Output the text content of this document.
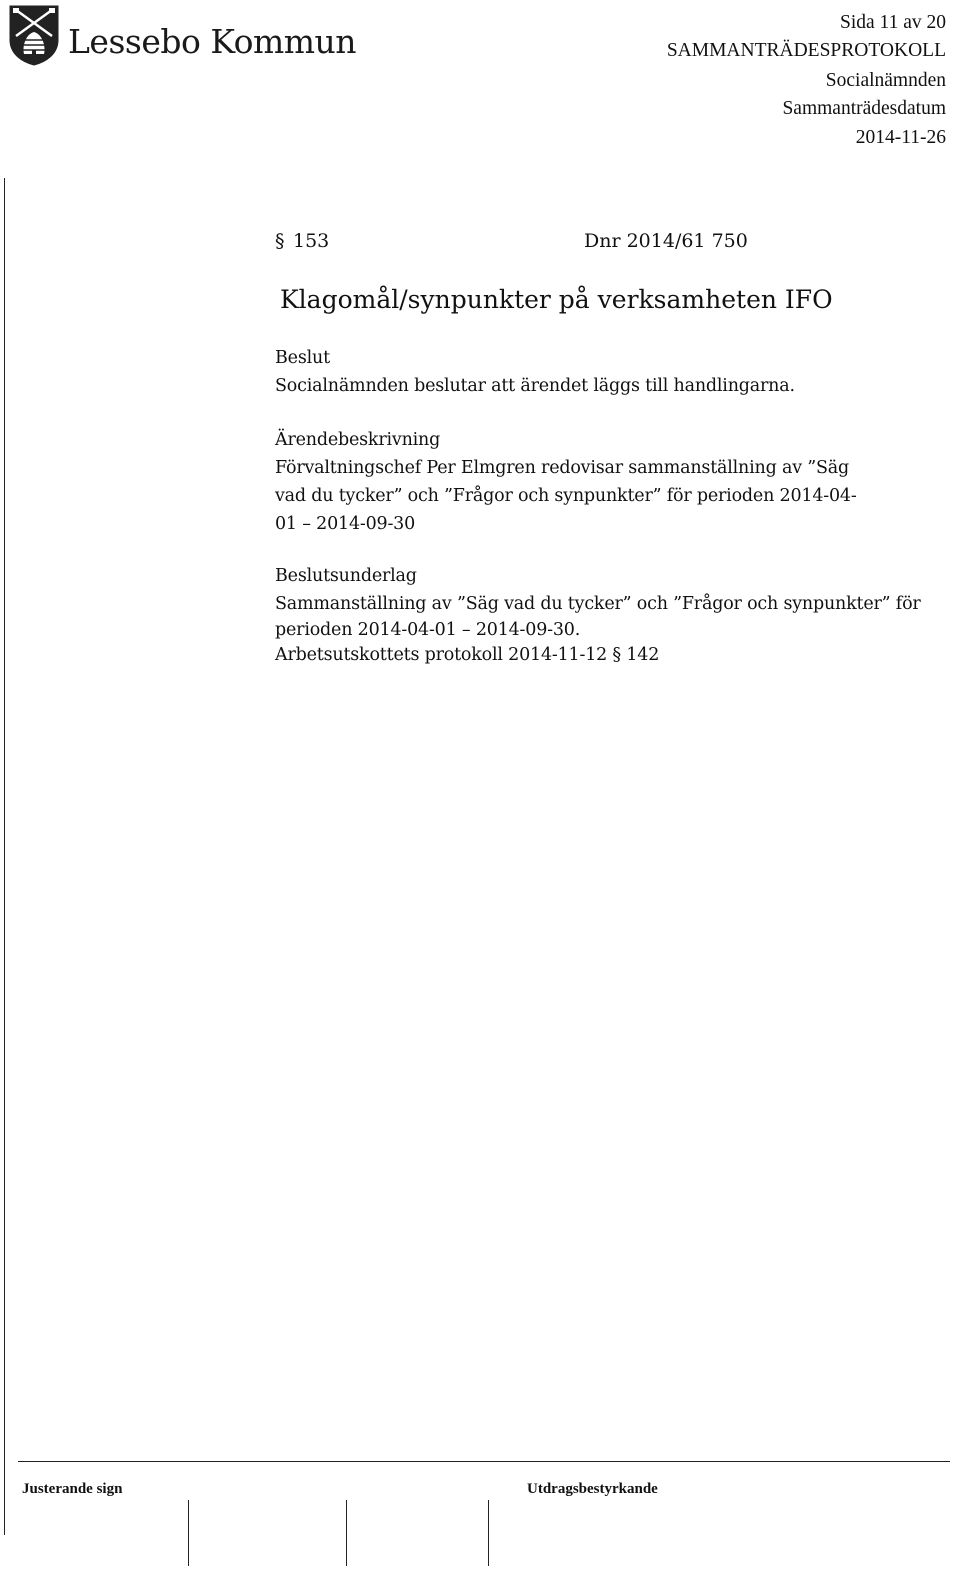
Lessebo Kommun	Sida 11 av 20
SAMMANTRÄDESPROTOKOLL
Socialnämnden
Sammanträdesdatum
2014-11-26
§ 153	Dnr 2014/61 750
Klagomål/synpunkter på verksamheten IFO
Beslut
Socialnämnden beslutar att ärendet läggs till handlingarna.
Ärendebeskrivning
Förvaltningschef Per Elmgren redovisar sammanställning av ”Säg
vad du tycker” och ”Frågor och synpunkter” för perioden 2014-04-
01 – 2014-09-30
Beslutsunderlag
Sammanställning av ”Säg vad du tycker” och ”Frågor och synpunkter” för
perioden 2014-04-01 – 2014-09-30.
Arbetsutskottets protokoll 2014-11-12 § 142
Justerande sign	Utdragsbestyrkande
